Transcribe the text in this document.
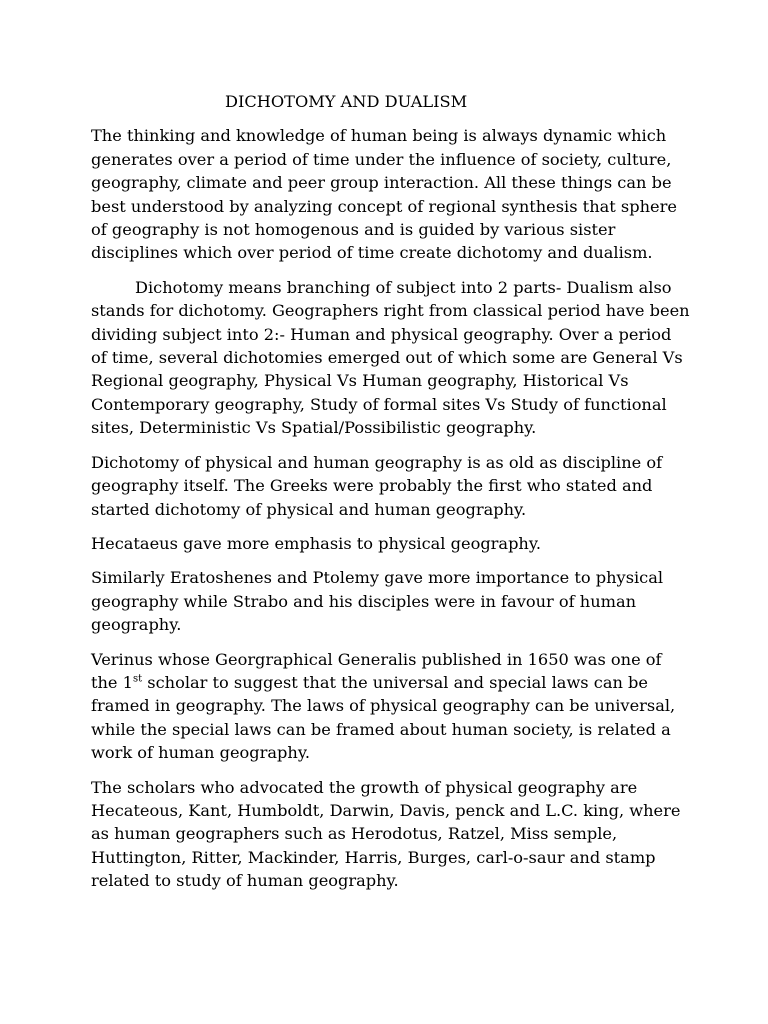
DICHOTOMY AND DUALISM

The thinking and knowledge of human being is always dynamic which generates over a period of time under the influence of society, culture, geography, climate and peer group interaction. All these things can be best understood by analyzing concept of regional synthesis that sphere of geography is not homogenous and is guided by various sister disciplines which over period of time create dichotomy and dualism.

Dichotomy means branching of subject into 2 parts- Dualism also stands for dichotomy. Geographers right from classical period have been dividing subject into 2:- Human and physical geography. Over a period of time, several dichotomies emerged out of which some are General Vs Regional geography, Physical Vs Human geography, Historical Vs Contemporary geography, Study of formal sites Vs Study of functional sites, Deterministic Vs Spatial/Possibilistic geography.

Dichotomy of physical and human geography is as old as discipline of geography itself. The Greeks were probably the first who stated and started dichotomy of physical and human geography.

Hecataeus gave more emphasis to physical geography.

Similarly Eratoshenes and Ptolemy gave more importance to physical geography while Strabo and his disciples were in favour of human geography.

Verinus whose Georgraphical Generalis published in 1650 was one of the 1st scholar to suggest that the universal and special laws can be framed in geography. The laws of physical geography can be universal, while the special laws can be framed about human society, is related a work of human geography.

The scholars who advocated the growth of physical geography are Hecateous, Kant, Humboldt, Darwin, Davis, penck and L.C. king, where as human geographers such as Herodotus, Ratzel, Miss semple, Huttington, Ritter, Mackinder, Harris, Burges, carl-o-saur and stamp related to study of human geography.
